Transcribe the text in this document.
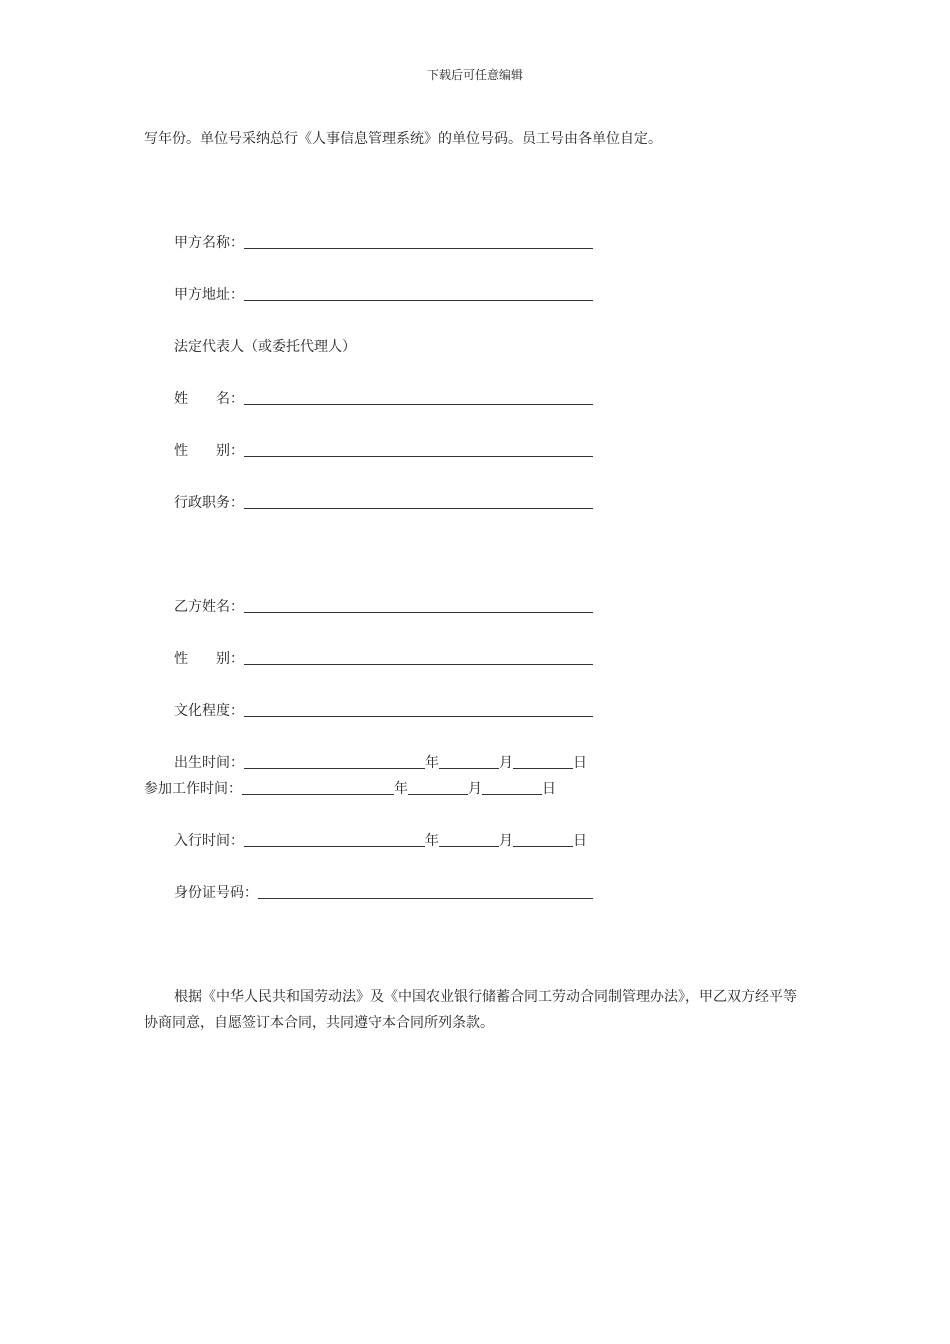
下载后可任意编辑
写年份。单位号采纳总行《人事信息管理系统》的单位号码。员工号由各单位自定。
甲方名称：
甲方地址：
法定代表人（或委托代理人）
姓　　名：
性　　别：
行政职务：
乙方姓名：
性　　别：
文化程度：
出生时间：	年	月	日
参加工作时间：	年	月	日
入行时间：	年	月	日
身份证号码：
根据《中华人民共和国劳动法》及《中国农业银行储蓄合同工劳动合同制管理办法》，甲乙双方经平等协商同意，自愿签订本合同，共同遵守本合同所列条款。
